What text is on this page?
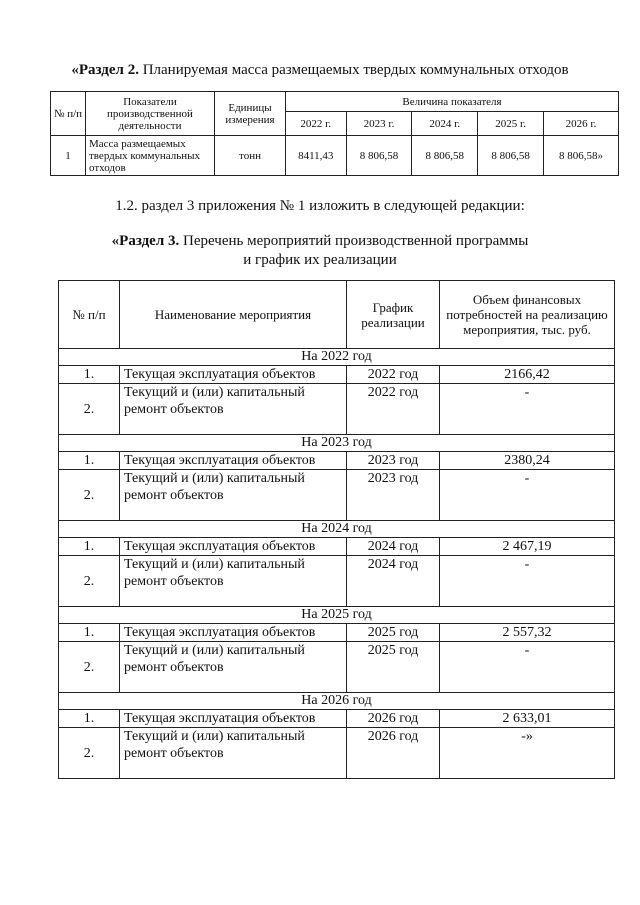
«Раздел 2. Планируемая масса размещаемых твердых коммунальных отходов
№ п/п	Показатели производственной деятельности	Единицы измерения	Величина показателя				
			2022 г.	2023 г.	2024 г.	2025 г.	2026 г.
1	Масса размещаемых твердых коммунальных отходов	тонн	8411,43	8 806,58	8 806,58	8 806,58	8 806,58»
1.2. раздел 3 приложения № 1 изложить в следующей редакции:
«Раздел 3. Перечень мероприятий производственной программы
и график их реализации
№ п/п	Наименование мероприятия	График реализации	Объем финансовых потребностей на реализацию мероприятия, тыс. руб.
На 2022 год			
1.	Текущая эксплуатация объектов	2022 год	2166,42
2.	Текущий и (или) капитальный ремонт объектов	2022 год	-
На 2023 год			
1.	Текущая эксплуатация объектов	2023 год	2380,24
2.	Текущий и (или) капитальный ремонт объектов	2023 год	-
На 2024 год			
1.	Текущая эксплуатация объектов	2024 год	2 467,19
2.	Текущий и (или) капитальный ремонт объектов	2024 год	-
На 2025 год			
1.	Текущая эксплуатация объектов	2025 год	2 557,32
2.	Текущий и (или) капитальный ремонт объектов	2025 год	-
На 2026 год			
1.	Текущая эксплуатация объектов	2026 год	2 633,01
2.	Текущий и (или) капитальный ремонт объектов	2026 год	-»
